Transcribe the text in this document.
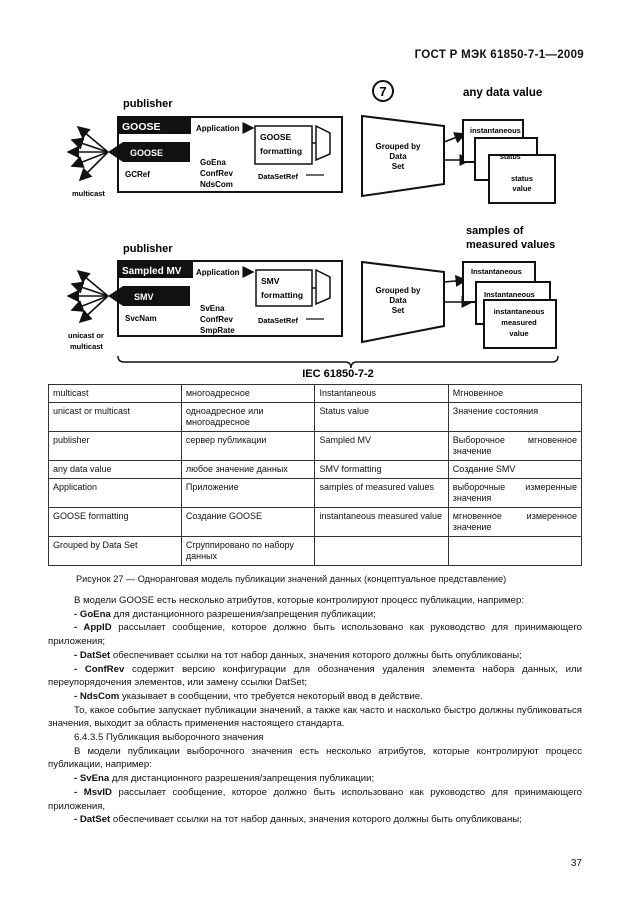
ГОСТ Р МЭК 61850-7-1—2009
7
publisher
any data value
GOOSE	Application
GOOSE
formatting
GOOSE
GCRef
GoEna
ConfRev
NdsCom
DataSetRef
multicast
Grouped by
Data
Set
instantaneous
status
status
value
publisher
samples of
measured values
Sampled MV Application
SMV
formatting
SMV
SvcNam
SvEna
ConfRev
SmpRate
DataSetRef
unicast or
multicast
Grouped by
Data
Set
Instantaneous
Instantaneous
instantaneous
measured
value
IEC 61850-7-2
multicast	многоадресное	Instantaneous	Мгновенное
unicast or multicast	одноадресное или многоадресное	Status value	Значение состояния
publisher	сервер публикации	Sampled MV	Выборочное мгновенное значение
any data value	любое значение данных	SMV formatting	Создание SMV
Application	Приложение	samples of measured values	выборочные измеренные значения
GOOSE formatting	Создание GOOSE	instantaneous measured value	мгновенное измеренное значение
Grouped by Data Set	Сгруппировано по набору данных		
Рисунок 27 — Одноранговая модель публикации значений данных (концептуальное представление)

В модели GOOSE есть несколько атрибутов, которые контролируют процесс публикации, например:

- GoEna для дистанционного разрешения/запрещения публикации;

- AppID рассылает сообщение, которое должно быть использовано как руководство для принимающего приложения;

- DatSet обеспечивает ссылки на тот набор данных, значения которого должны быть опубликованы;

- ConfRev содержит версию конфигурации для обозначения удаления элемента набора данных, или переупорядочения элементов, или замену ссылки DatSet;

- NdsCom указывает в сообщении, что требуется некоторый ввод в действие.

То, какое событие запускает публикации значений, а также как часто и насколько быстро должны публиковаться значения, выходит за область применения настоящего стандарта.

6.4.3.5 Публикация выборочного значения

В модели публикации выборочного значения есть несколько атрибутов, которые контролируют процесс публикации, например:

- SvEna для дистанционного разрешения/запрещения публикации;

- MsvID рассылает сообщение, которое должно быть использовано как руководство для принимающего приложения,

- DatSet обеспечивает ссылки на тот набор данных, значения которого должны быть опубликованы;

37
